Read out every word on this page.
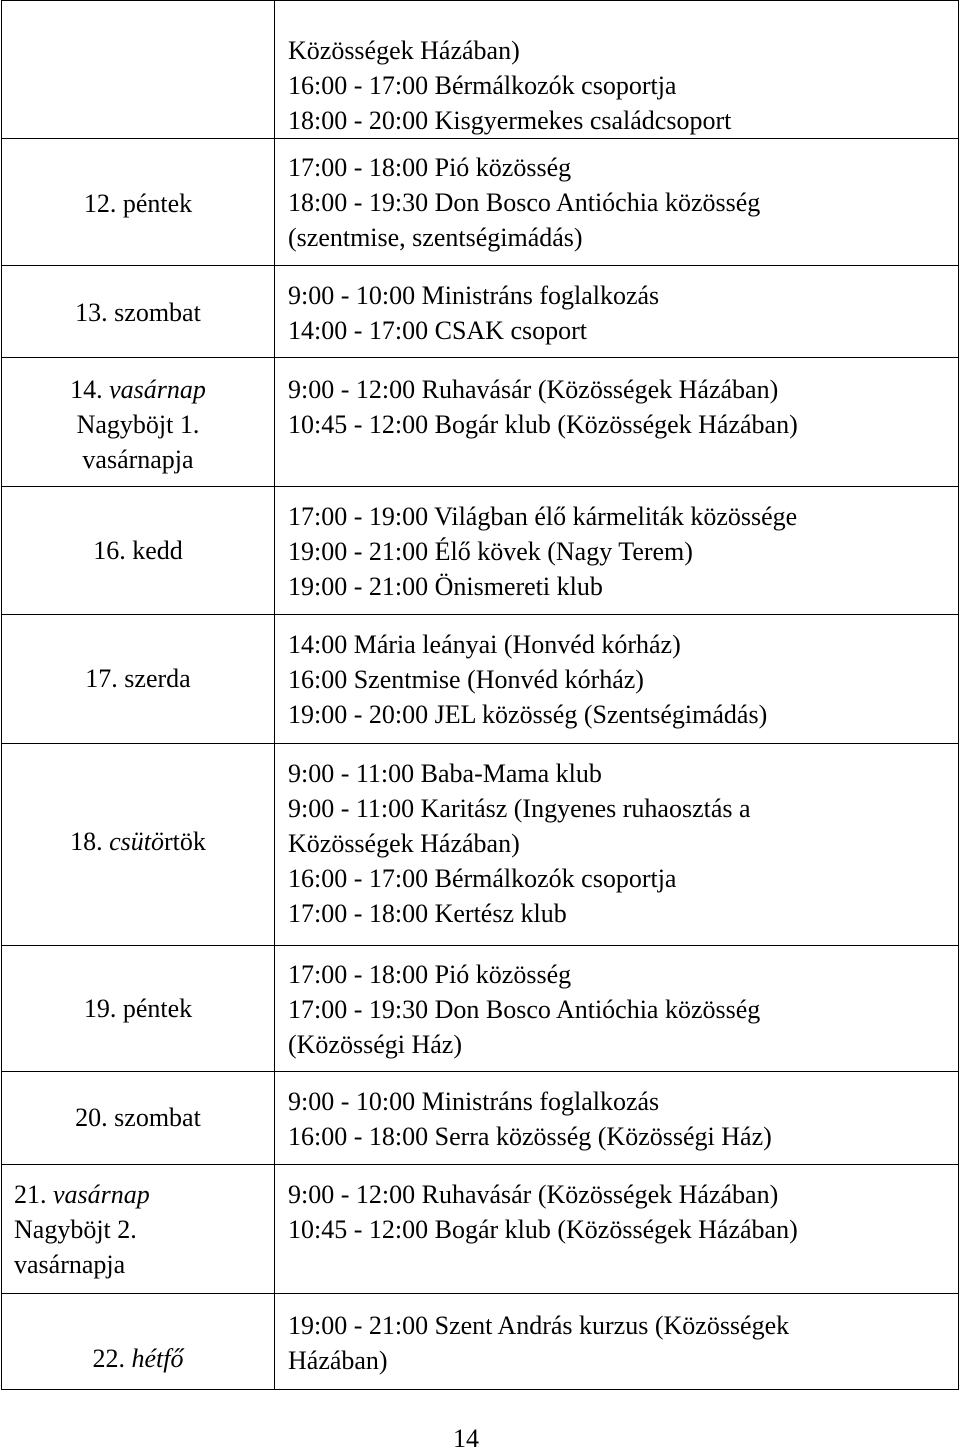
	Közösségek Házában)
16:00 - 17:00 Bérmálkozók csoportja
18:00 - 20:00 Kisgyermekes családcsoport

12. péntek	17:00 - 18:00 Pió közösség
18:00 - 19:30 Don Bosco Antióchia közösség
(szentmise, szentségimádás)

13. szombat	9:00 - 10:00 Ministráns foglalkozás
14:00 - 17:00 CSAK csoport

14. vasárnap
Nagyböjt 1.
vasárnapja	9:00 - 12:00 Ruhavásár (Közösségek Házában)
10:45 - 12:00 Bogár klub (Közösségek Házában)

16. kedd	17:00 - 19:00 Világban élő kármeliták közössége
19:00 - 21:00 Élő kövek (Nagy Terem)
19:00 - 21:00 Önismereti klub

17. szerda	14:00 Mária leányai (Honvéd kórház)
16:00 Szentmise (Honvéd kórház)
19:00 - 20:00 JEL közösség (Szentségimádás)

18. csütörtök	9:00 - 11:00 Baba-Mama klub
9:00 - 11:00 Karitász (Ingyenes ruhaosztás a
Közösségek Házában)
16:00 - 17:00 Bérmálkozók csoportja
17:00 - 18:00 Kertész klub

19. péntek	17:00 - 18:00 Pió közösség
17:00 - 19:30 Don Bosco Antióchia közösség
(Közösségi Ház)

20. szombat	9:00 - 10:00 Ministráns foglalkozás
16:00 - 18:00 Serra közösség (Közösségi Ház)

21. vasárnap
Nagyböjt 2.
vasárnapja	9:00 - 12:00 Ruhavásár (Közösségek Házában)
10:45 - 12:00 Bogár klub (Közösségek Házában)

22. hétfő	19:00 - 21:00 Szent András kurzus (Közösségek
Házában)
14
